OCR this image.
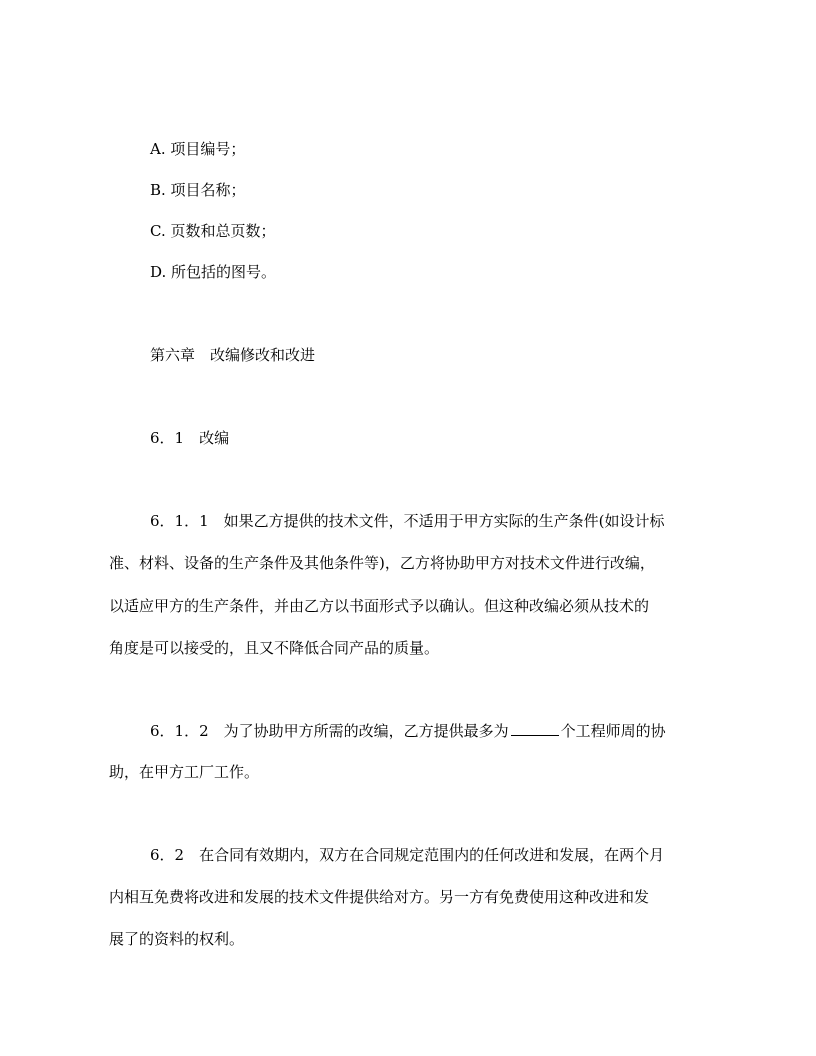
A. 项目编号；
B. 项目名称；
C. 页数和总页数；
D. 所包括的图号。
第六章　改编修改和改进
6．1　改编
6．1．1　如果乙方提供的技术文件，不适用于甲方实际的生产条件(如设计标
准、材料、设备的生产条件及其他条件等)，乙方将协助甲方对技术文件进行改编，
以适应甲方的生产条件，并由乙方以书面形式予以确认。但这种改编必须从技术的
角度是可以接受的，且又不降低合同产品的质量。
6．1．2　为了协助甲方所需的改编，乙方提供最多为	个工程师周的协
助，在甲方工厂工作。
6．2　在合同有效期内，双方在合同规定范围内的任何改进和发展，在两个月
内相互免费将改进和发展的技术文件提供给对方。另一方有免费使用这种改进和发
展了的资料的权利。
